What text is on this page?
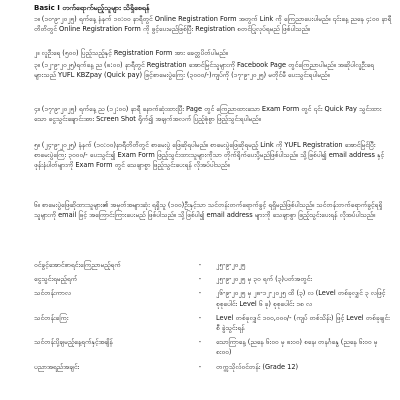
Basic I တက်ရောက်မည့်သူများ သိရှိစေရန်

၁။ (၁၀-၉-၂၀၂၅) ရက်နေ့ နံနက် ၁၀:၀၀ နာရီတွင် Online Registration Form အတွက် Link ကို ကြေညာပေးပါမည်။ ၎င်းနေ့ ညနေ ၄:၀၀ နာရီတိတိတွင် Online Registration Form ကို ဖွင့်ပေးမည်ဖြစ်ပြီး Registration စတင်ပြုလုပ်ရမည် ဖြစ်ပါသည်။

၂။ လူဦးရေ (၅၀၀) ပြည့်သည့်နှင့် Registration Form အား ခေတ္တပိတ်ပါမည်။

၃။ (၁၂-၉-၂၀၂၅)ရက်နေ့ ည (၈:၀၀) နာရီတွင် Registration အောင်မြင်သူများကို Facebook Page တွင်ကြေညာပါမည်။ အဆိုပါလူဦးရေများသည် YUFL KBZpay (Quick pay) ဖြင့်စာမေးပွဲကြေး (၃၀၀၀/-)ကျပ်ကို (၁၇-၉-၂၀၂၅) မတိုင်မီ ပေးသွင်းရပါမည်။

၄။ (၁၇-၉-၂၀၂၅) ရက်နေ့ ည (၁၂:၀၀) နာရီ နောက်ဆုံးထားပြီး Page တွင် ကြေညာထားသော Exam Form တွင် ၎င်း Quick Pay သွင်းထားသော ငွေသွင်းချောင်းအား Screen Shot ရိုက်၍ အချက်အလက် ပြည့်စုံစွာ ဖြည့်သွင်းရပါမည်။

၅။ (၂၄-၉-၂၀၂၅) နံနက် (၁၀:၀၀)နာရီတိတိတွင် စာမေးပွဲ ဖြေဆိုရပါမည်။ စာမေးပွဲဖြေဆိုရမည့် Link ကို YUFL Registration အောင်မြင်ပြီး စာမေးပွဲကြေး ၃၀၀၀/- ပေးသွင်း၍ Exam Form ဖြည့်သွင်းထားသူများကိုသာ တိုက်ရိုက်ပေးပို့မည်ဖြစ်ပါသည်။ သို့ဖြစ်ပါ၍ email address နှင့် ဖုန်းနံပါတ်များကို Exam Form တွင် သေချာစွာ ဖြည့်သွင်းပေးရန် လိုအပ်ပါသည်။

၆။ စာမေးပွဲဖြေဆိုထားသူများ၏ အမှတ်အများဆုံး ရရှိသူ (၁၀၀)ဦးနှင့်သာ သင်တန်းတက်ရောက်ခွင့် ရရှိမည်ဖြစ်ပါသည်။ သင်တန်းတက်ရောက်ခွင့်ရရှိသူများကို email ဖြင့် အကြောင်းကြားပေးမည် ဖြစ်ပါသည်။ သို့ဖြစ်ပါ၍ email address များကို သေချာစွာ ဖြည့်သွင်းပေးရန် လိုအပ်ပါသည်။

ဝင်ခွင့်အောင်စာရင်းကြေညာမည့်ရက်	-	၂၅-၉-၂၀၂၅
ငွေသွင်းရမည့်ရက်	-	၂၅-၉-၂၀၂၅ မှ ၃၀ ရက် (၃)ပတ်အတွင်း
သင်တန်းကာလ	-	၂၆-၉-၂၀၂၅ မှ ၂၈-၁၂-၂၀၂၅ ထိ (၃) လ (Level တစ်ခုလျှင် ၃ လဖြင့် စုစုပေါင်း Level ၆ ခု) စုစုပေါင်း ၁၈ လ
သင်တန်းကြေး	-	Level တစ်ခုလျှင် ၁၀၀,၀၀၀/- (ကျပ် တစ်သိန်း) ဖြင့် Level တစ်ခုချင်းစီ ခွဲသွင်းရန်
သင်တန်းပို့ချမည့်နေ့ရက်နှင့်အချိန်	-	သောကြာနေ့ (ညနေ ၆း၀၀ မှ ၈း၀၀) စနေ၊ တနင်္ဂနွေ (ညနေ ၆း၀၀ မှ ၈း၀၀)
ပညာအရည်အချင်း	-	တက္ကသိုလ်ဝင်တန်း (Grade 12)
